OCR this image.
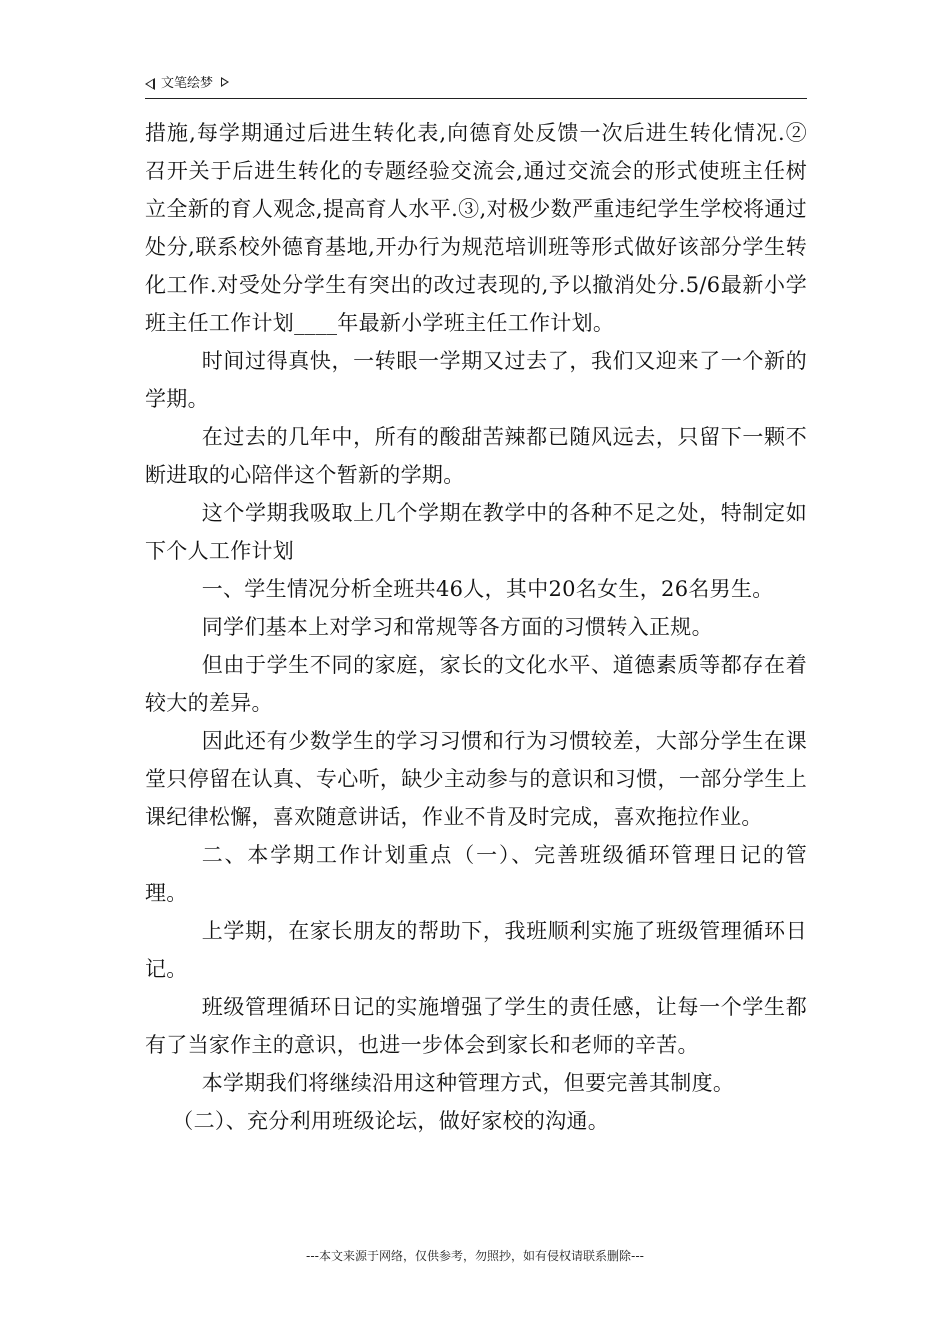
文笔绘梦

措施,每学期通过后进生转化表,向德育处反馈一次后进生转化情况.② 召开关于后进生转化的专题经验交流会,通过交流会的形式使班主任树立全新的育人观念,提高育人水平.③,对极少数严重违纪学生学校将通过处分,联系校外德育基地,开办行为规范培训班等形式做好该部分学生转化工作.对受处分学生有突出的改过表现的,予以撤消处分.5/6最新小学班主任工作计划____年最新小学班主任工作计划。

时间过得真快，一转眼一学期又过去了，我们又迎来了一个新的学期。

在过去的几年中，所有的酸甜苦辣都已随风远去，只留下一颗不断进取的心陪伴这个暂新的学期。

这个学期我吸取上几个学期在教学中的各种不足之处，特制定如下个人工作计划

一、学生情况分析全班共46人，其中20名女生，26名男生。

同学们基本上对学习和常规等各方面的习惯转入正规。

但由于学生不同的家庭，家长的文化水平、道德素质等都存在着较大的差异。

因此还有少数学生的学习习惯和行为习惯较差，大部分学生在课堂只停留在认真、专心听，缺少主动参与的意识和习惯，一部分学生上课纪律松懈，喜欢随意讲话，作业不肯及时完成，喜欢拖拉作业。

二、本学期工作计划重点（一）、完善班级循环管理日记的管理。

上学期，在家长朋友的帮助下，我班顺利实施了班级管理循环日记。

班级管理循环日记的实施增强了学生的责任感，让每一个学生都有了当家作主的意识，也进一步体会到家长和老师的辛苦。

本学期我们将继续沿用这种管理方式，但要完善其制度。

（二）、充分利用班级论坛，做好家校的沟通。

---本文来源于网络，仅供参考，勿照抄，如有侵权请联系删除---
